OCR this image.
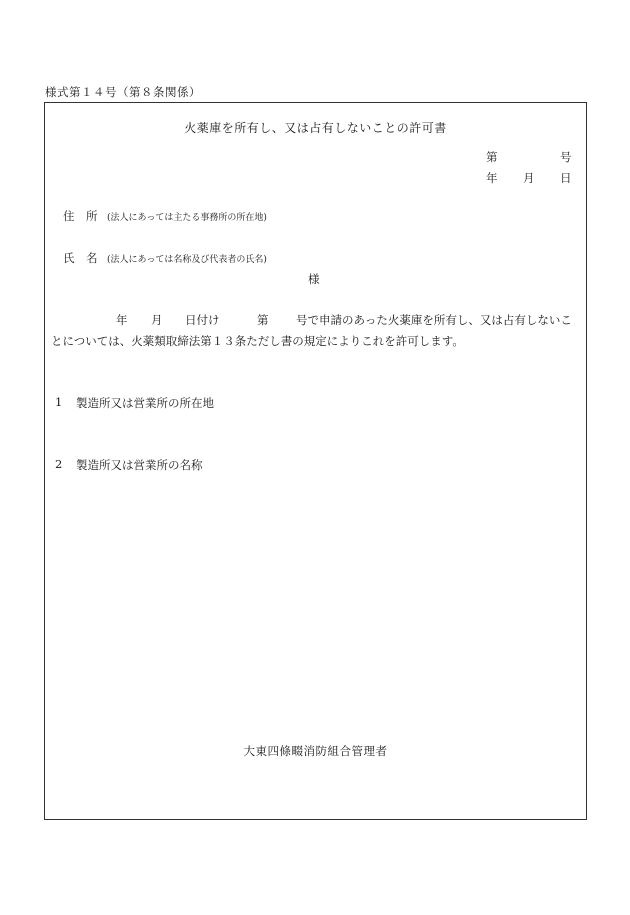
様式第１４号（第８条関係）
火薬庫を所有し、又は占有しないことの許可書
第	号
年 月 日
住　所 (法人にあっては主たる事務所の所在地)
氏　名 (法人にあっては名称及び代表者の氏名)
様
年 月 日付け	第 号で申請のあった火薬庫を所有し、又は占有しないこ
とについては、火薬類取締法第１３条ただし書の規定によりこれを許可します。
1 製造所又は営業所の所在地
2 製造所又は営業所の名称
大東四條畷消防組合管理者
